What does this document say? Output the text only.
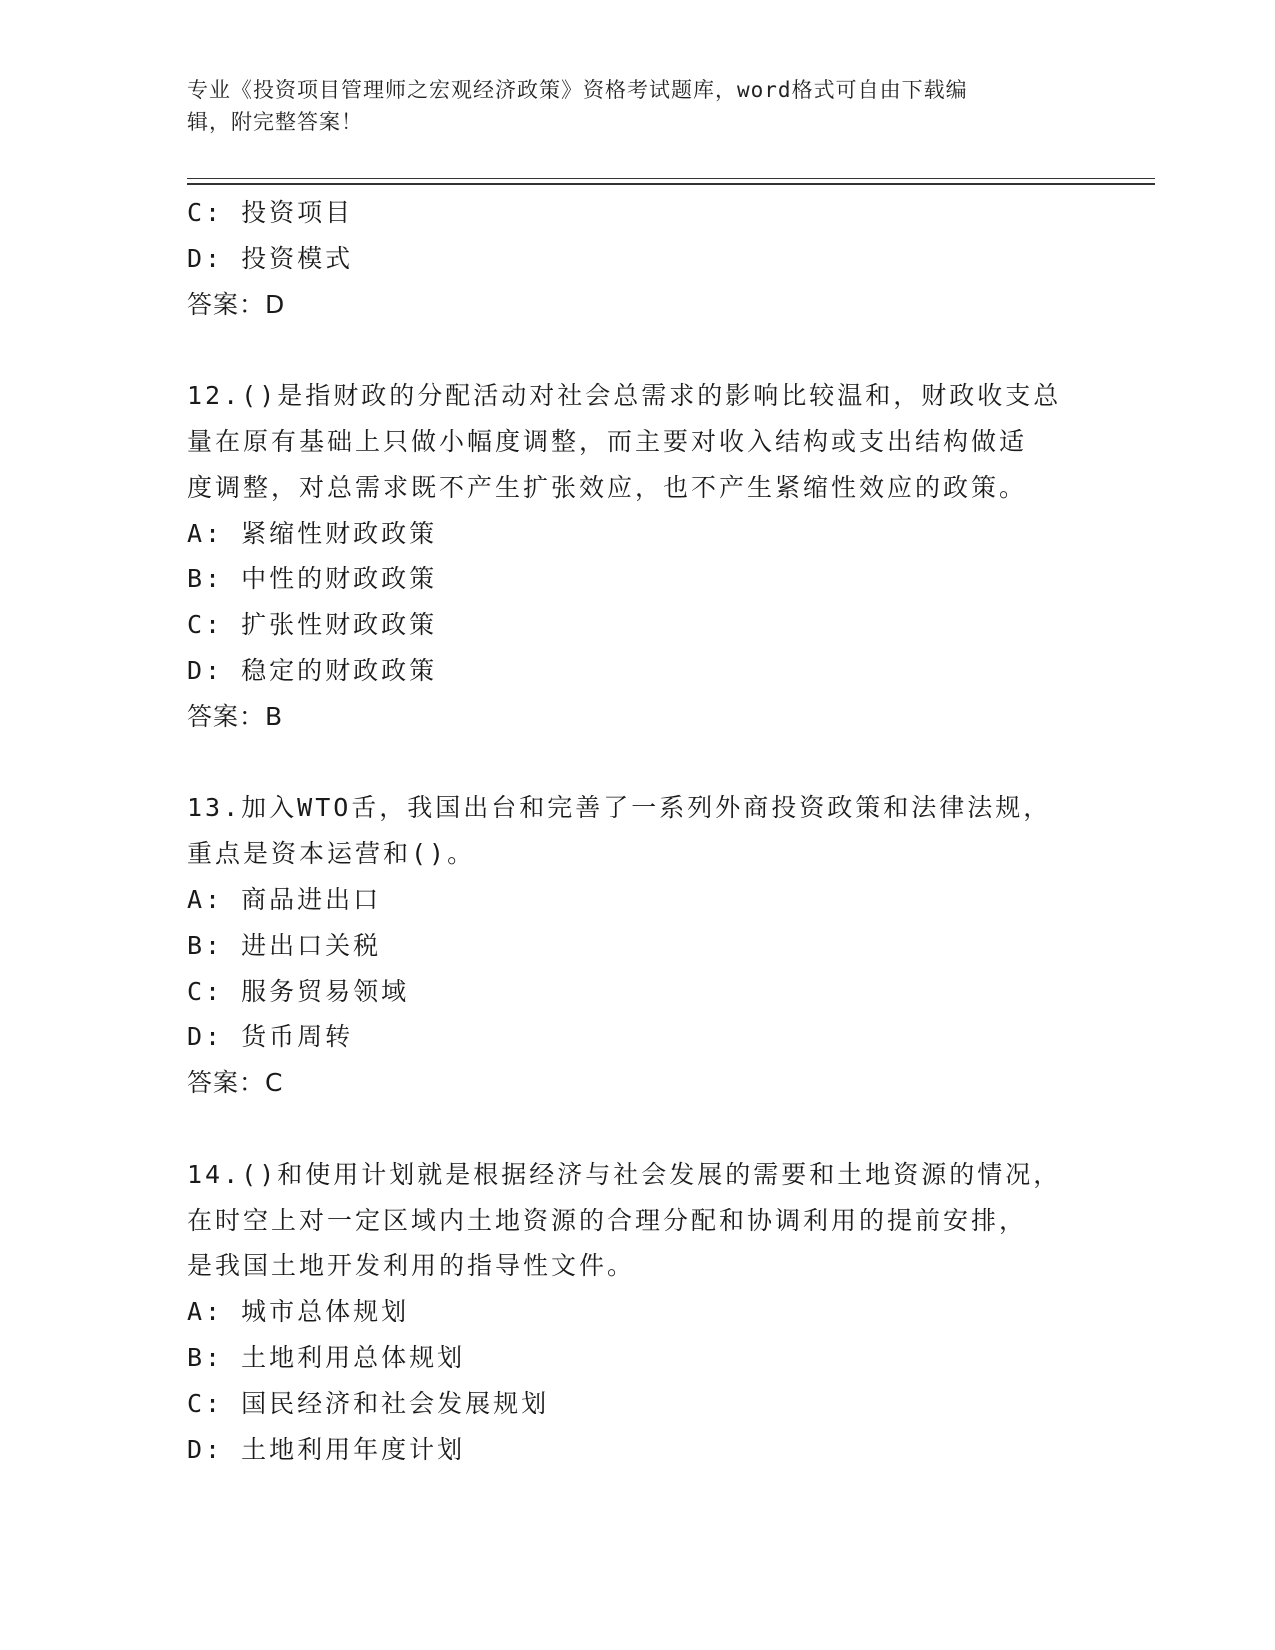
专业《投资项目管理师之宏观经济政策》资格考试题库，word格式可自由下载编
辑，附完整答案！
C: 投资项目
D: 投资模式
答案：D
12.()是指财政的分配活动对社会总需求的影响比较温和，财政收支总
量在原有基础上只做小幅度调整，而主要对收入结构或支出结构做适
度调整，对总需求既不产生扩张效应，也不产生紧缩性效应的政策。
A: 紧缩性财政政策
B: 中性的财政政策
C: 扩张性财政政策
D: 稳定的财政政策
答案：B
13.加入WTO舌，我国出台和完善了一系列外商投资政策和法律法规，
重点是资本运营和()。
A: 商品进出口
B: 进出口关税
C: 服务贸易领域
D: 货币周转
答案：C
14.()和使用计划就是根据经济与社会发展的需要和土地资源的情况，
在时空上对一定区域内土地资源的合理分配和协调利用的提前安排，
是我国土地开发利用的指导性文件。
A: 城市总体规划
B: 土地利用总体规划
C: 国民经济和社会发展规划
D: 土地利用年度计划
